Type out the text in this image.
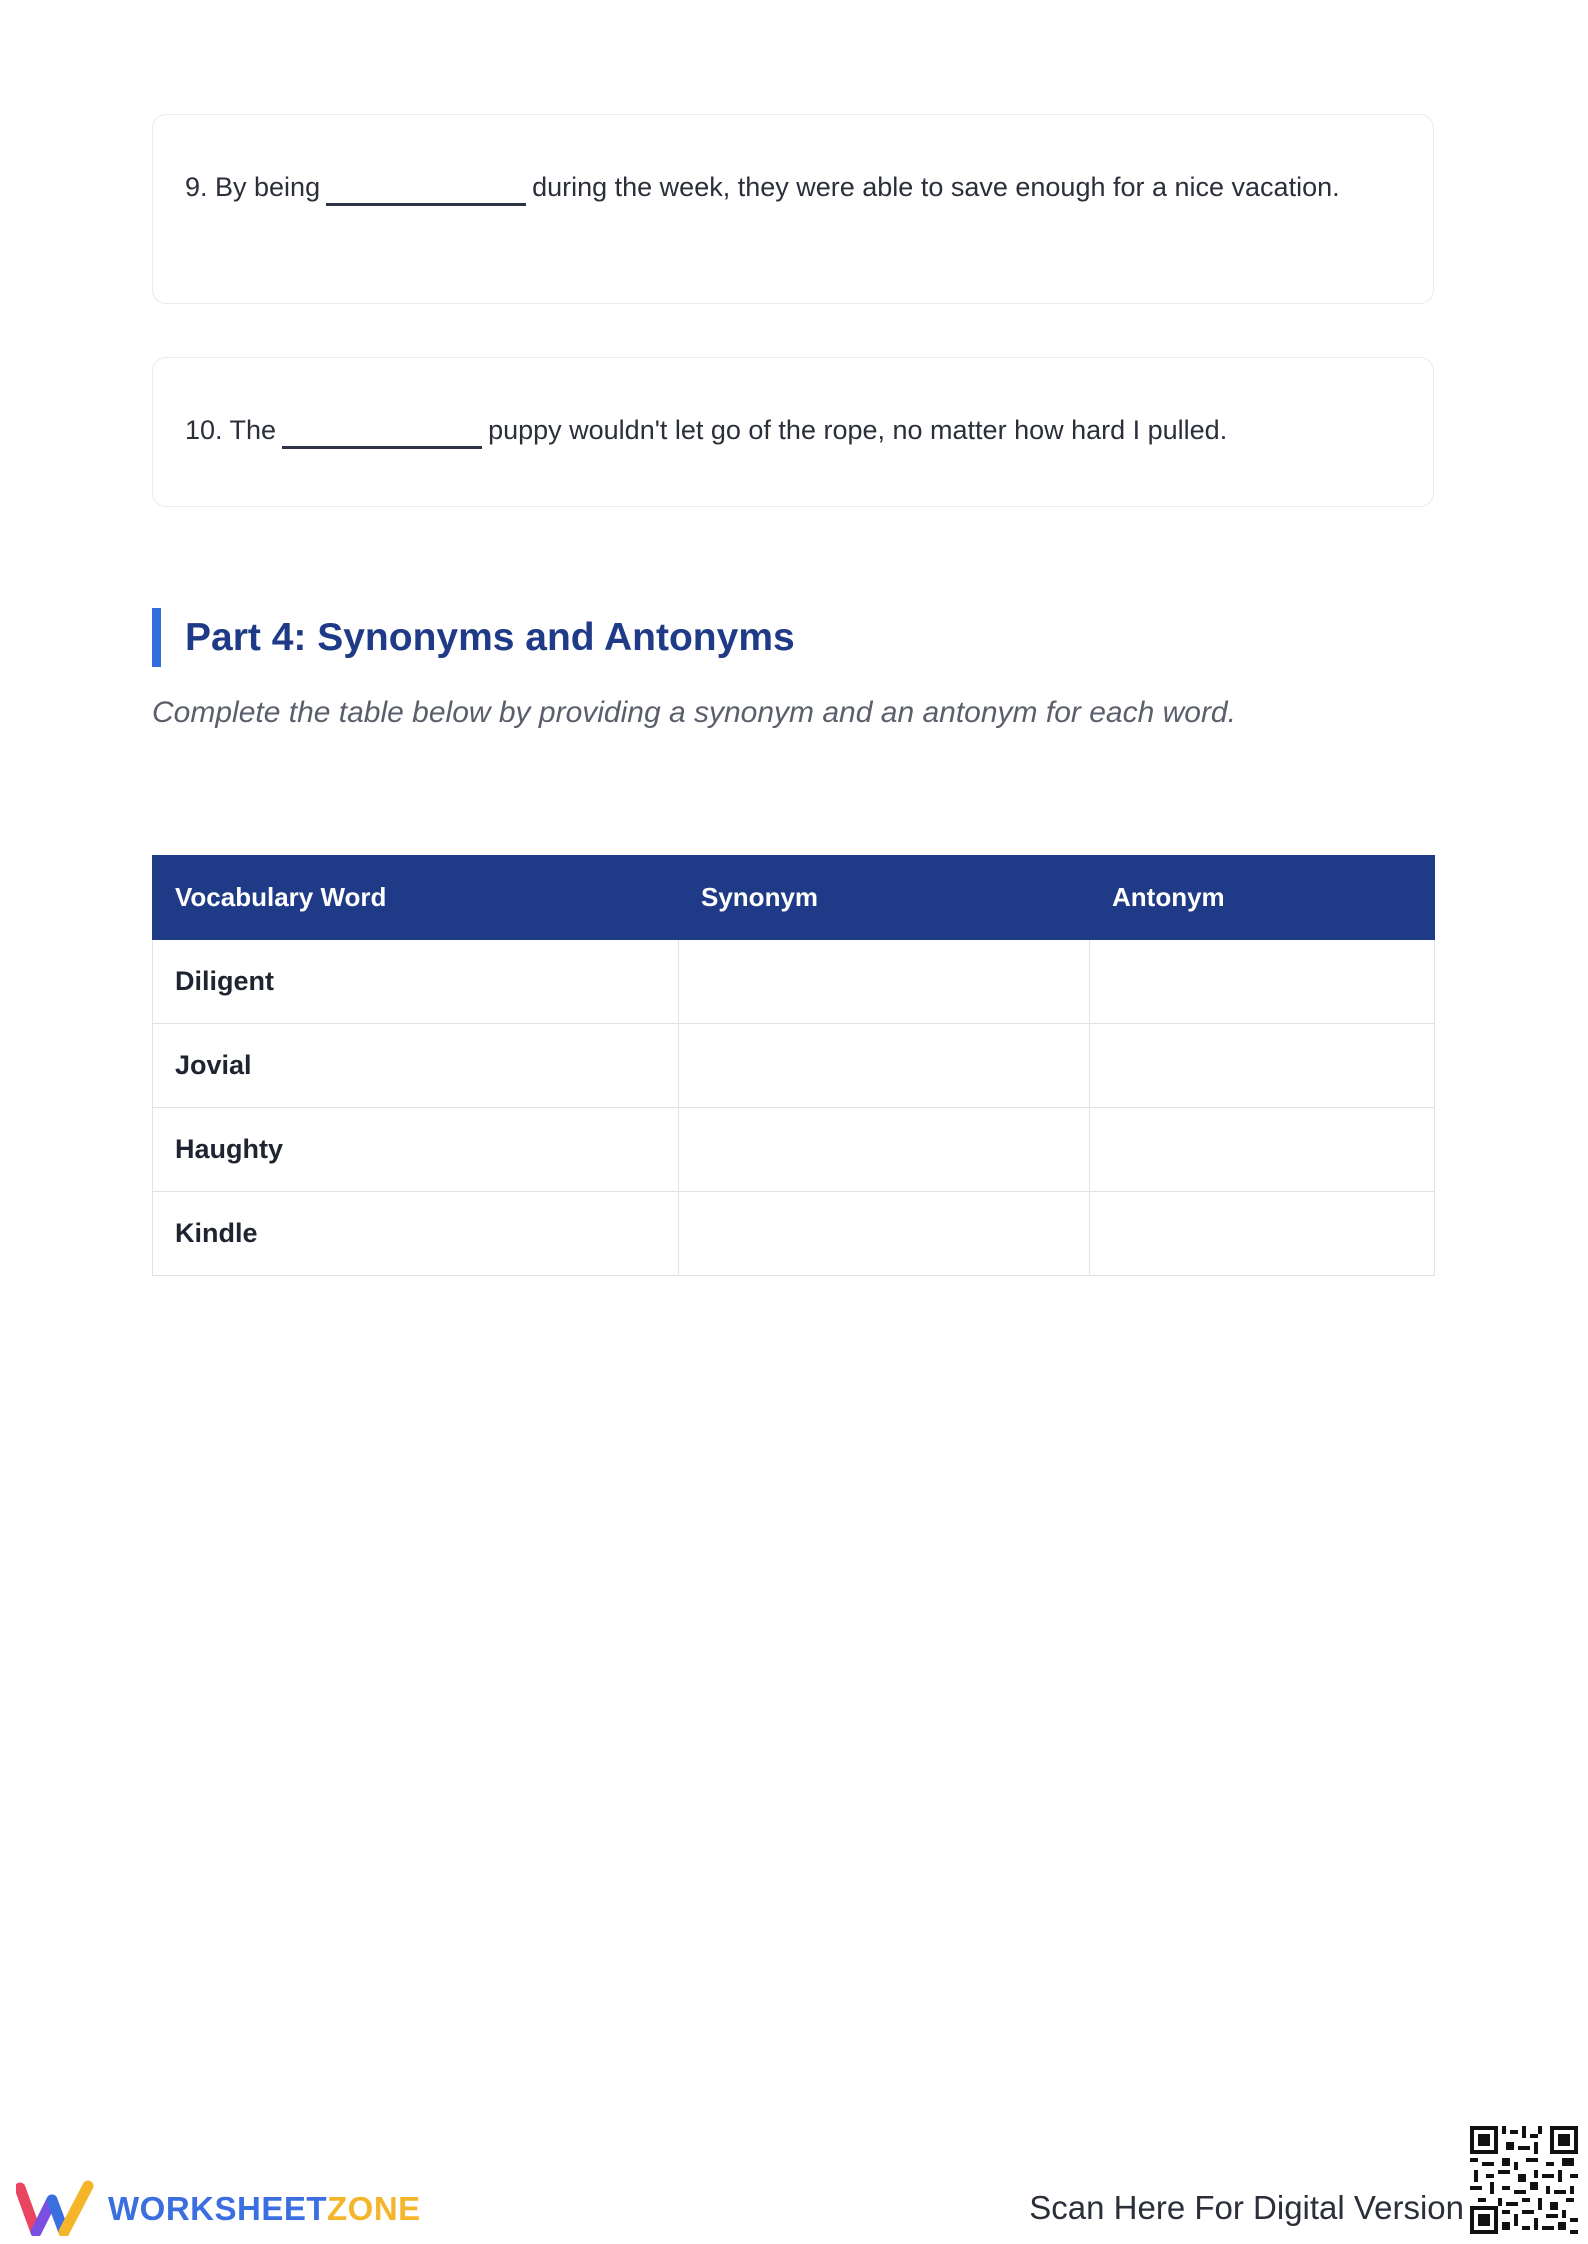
9. By being	during the week, they were able to save enough for a nice vacation.
10. The	puppy wouldn't let go of the rope, no matter how hard I pulled.
Part 4: Synonyms and Antonyms
Complete the table below by providing a synonym and an antonym for each word.
Vocabulary Word	Synonym	Antonym
Diligent		
Jovial		
Haughty		
Kindle		
WORKSHEETZONE	Scan Here For Digital Version
